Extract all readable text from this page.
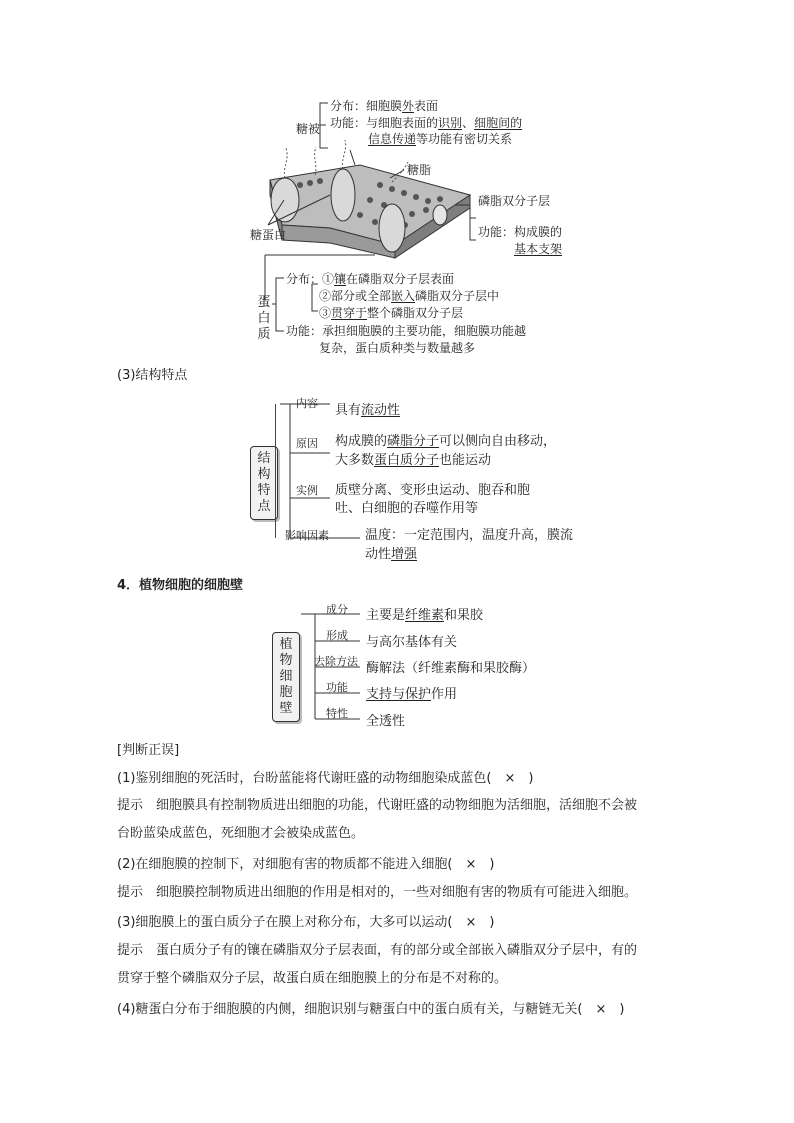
糖被
分布：细胞膜外表面
功能：与细胞表面的识别、细胞间的
信息传递等功能有密切关系
糖脂
磷脂双分子层
功能：构成膜的
基本支架
糖蛋白
蛋白质
分布：①镶在磷脂双分子层表面
②部分或全部嵌入磷脂双分子层中
③贯穿于整个磷脂双分子层
功能：承担细胞膜的主要功能，细胞膜功能越
复杂，蛋白质种类与数量越多
(3)结构特点
结构特点
内容 具有流动性
原因 构成膜的磷脂分子可以侧向自由移动，
大多数蛋白质分子也能运动
实例 质壁分离、变形虫运动、胞吞和胞
吐、白细胞的吞噬作用等
影响因素	温度：一定范围内，温度升高，膜流
动性增强
4．植物细胞的细胞壁
植物细胞壁
成分 主要是纤维素和果胶
形成 与高尔基体有关
去除方法 酶解法（纤维素酶和果胶酶）
功能 支持与保护作用
特性
全透性
[判断正误]
(1)鉴别细胞的死活时，台盼蓝能将代谢旺盛的动物细胞染成蓝色(　×　)
提示　细胞膜具有控制物质进出细胞的功能，代谢旺盛的动物细胞为活细胞，活细胞不会被
台盼蓝染成蓝色，死细胞才会被染成蓝色。
(2)在细胞膜的控制下，对细胞有害的物质都不能进入细胞(　×　)
提示　细胞膜控制物质进出细胞的作用是相对的，一些对细胞有害的物质有可能进入细胞。
(3)细胞膜上的蛋白质分子在膜上对称分布，大多可以运动(　×　)
提示　蛋白质分子有的镶在磷脂双分子层表面，有的部分或全部嵌入磷脂双分子层中，有的
贯穿于整个磷脂双分子层，故蛋白质在细胞膜上的分布是不对称的。
(4)糖蛋白分布于细胞膜的内侧，细胞识别与糖蛋白中的蛋白质有关，与糖链无关(　×　)
